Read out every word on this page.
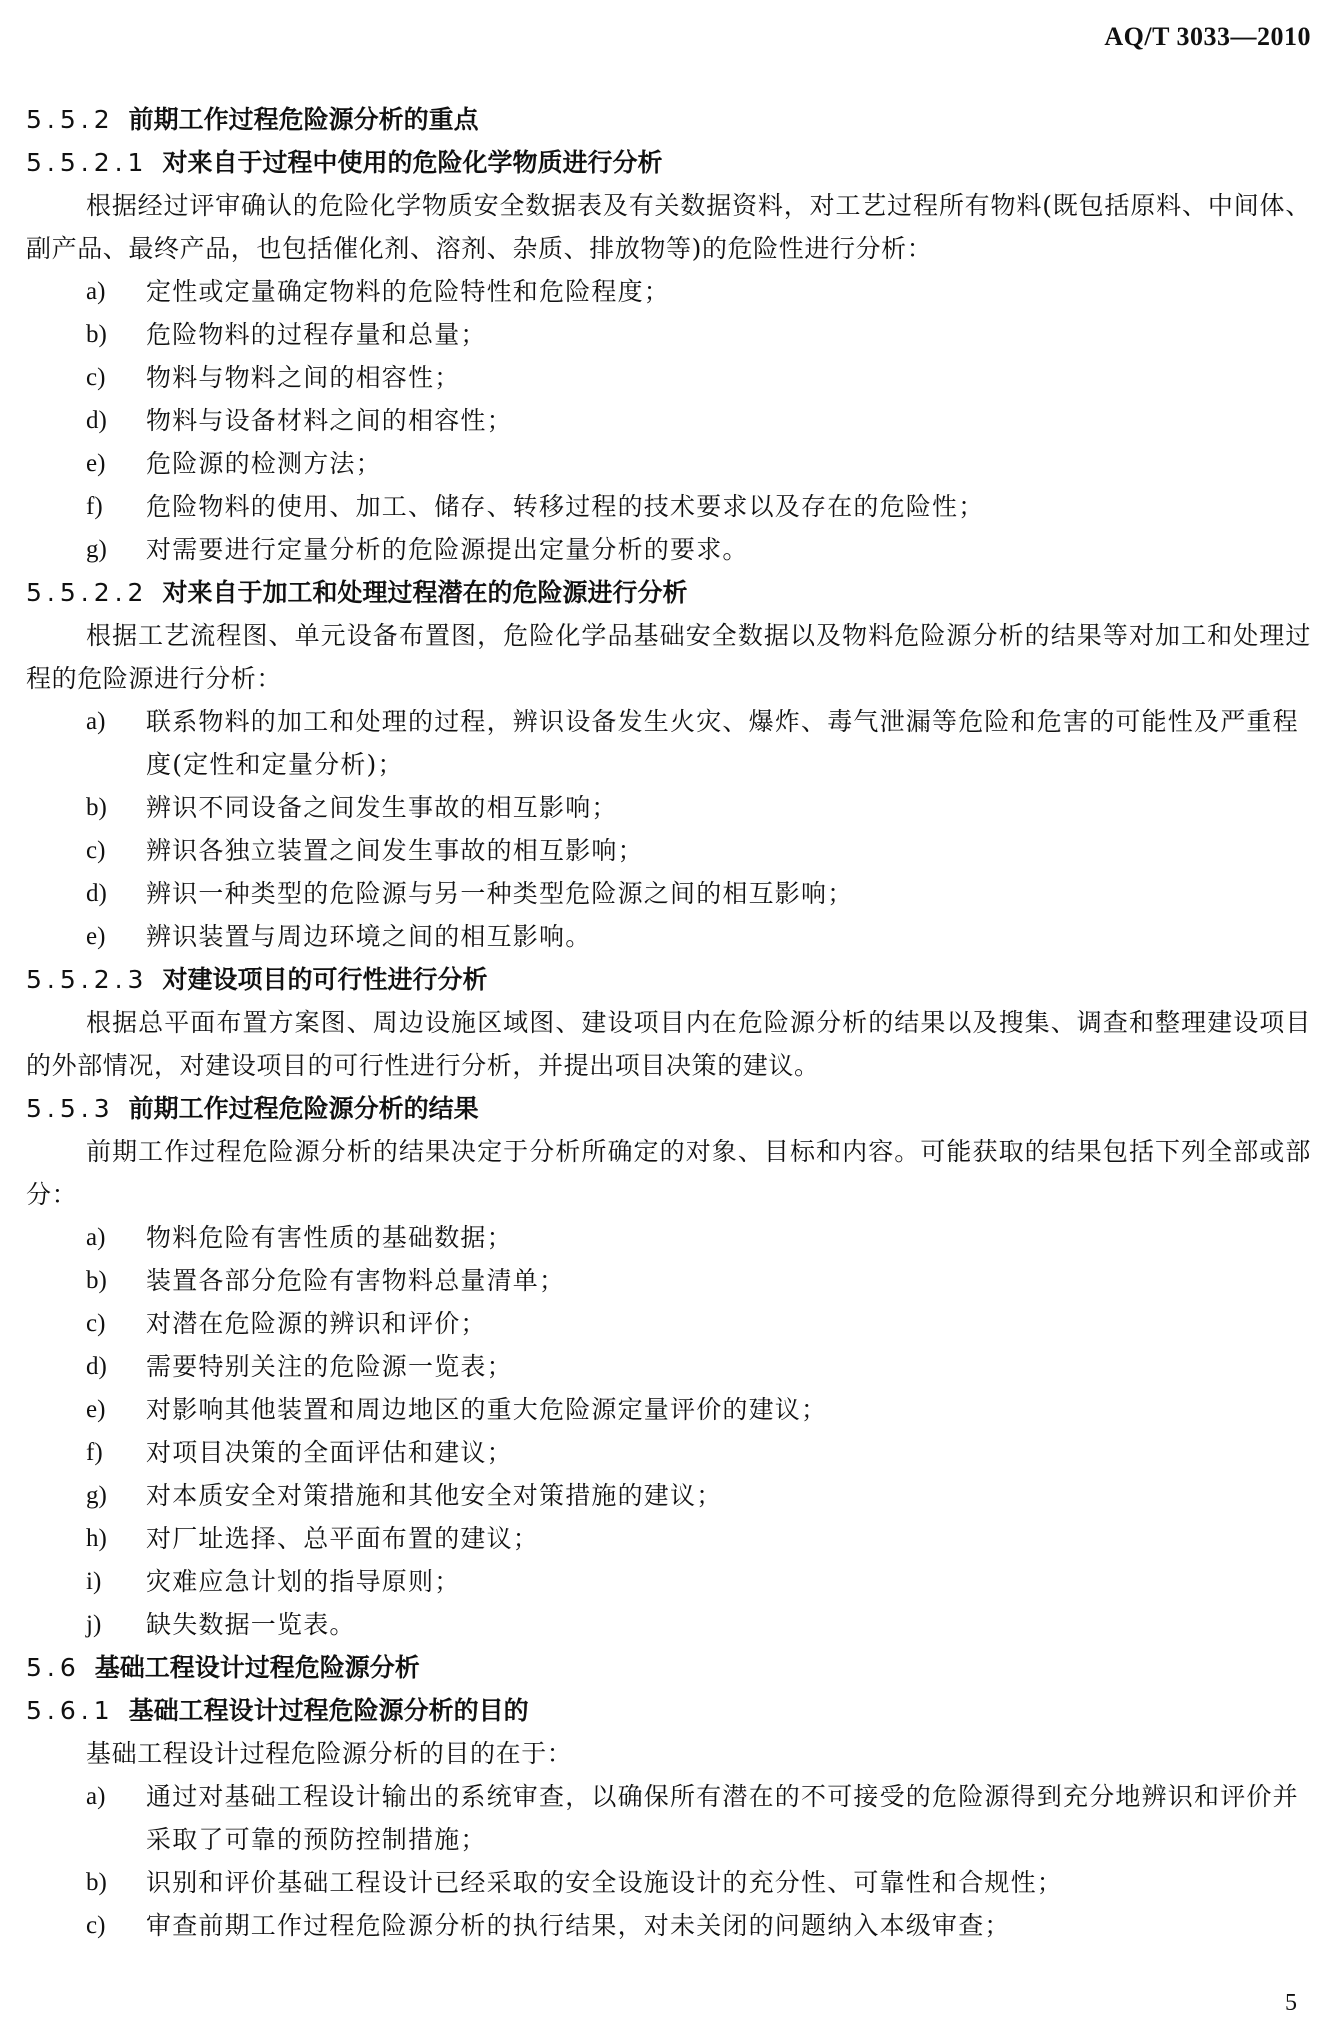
AQ/T 3033—2010
5.5.2 前期工作过程危险源分析的重点
5.5.2.1 对来自于过程中使用的危险化学物质进行分析
根据经过评审确认的危险化学物质安全数据表及有关数据资料，对工艺过程所有物料(既包括原料、中间体、副产品、最终产品，也包括催化剂、溶剂、杂质、排放物等)的危险性进行分析：
a) 定性或定量确定物料的危险特性和危险程度；
b) 危险物料的过程存量和总量；
c) 物料与物料之间的相容性；
d) 物料与设备材料之间的相容性；
e) 危险源的检测方法；
f) 危险物料的使用、加工、储存、转移过程的技术要求以及存在的危险性；
g) 对需要进行定量分析的危险源提出定量分析的要求。
5.5.2.2 对来自于加工和处理过程潜在的危险源进行分析
根据工艺流程图、单元设备布置图，危险化学品基础安全数据以及物料危险源分析的结果等对加工和处理过程的危险源进行分析：
a) 联系物料的加工和处理的过程，辨识设备发生火灾、爆炸、毒气泄漏等危险和危害的可能性及严重程度(定性和定量分析)；
b) 辨识不同设备之间发生事故的相互影响；
c) 辨识各独立装置之间发生事故的相互影响；
d) 辨识一种类型的危险源与另一种类型危险源之间的相互影响；
e) 辨识装置与周边环境之间的相互影响。
5.5.2.3 对建设项目的可行性进行分析
根据总平面布置方案图、周边设施区域图、建设项目内在危险源分析的结果以及搜集、调查和整理建设项目的外部情况，对建设项目的可行性进行分析，并提出项目决策的建议。
5.5.3 前期工作过程危险源分析的结果
前期工作过程危险源分析的结果决定于分析所确定的对象、目标和内容。可能获取的结果包括下列全部或部分：
a) 物料危险有害性质的基础数据；
b) 装置各部分危险有害物料总量清单；
c) 对潜在危险源的辨识和评价；
d) 需要特别关注的危险源一览表；
e) 对影响其他装置和周边地区的重大危险源定量评价的建议；
f) 对项目决策的全面评估和建议；
g) 对本质安全对策措施和其他安全对策措施的建议；
h) 对厂址选择、总平面布置的建议；
i) 灾难应急计划的指导原则；
j) 缺失数据一览表。
5.6 基础工程设计过程危险源分析
5.6.1 基础工程设计过程危险源分析的目的
基础工程设计过程危险源分析的目的在于：
a) 通过对基础工程设计输出的系统审查，以确保所有潜在的不可接受的危险源得到充分地辨识和评价并采取了可靠的预防控制措施；
b) 识别和评价基础工程设计已经采取的安全设施设计的充分性、可靠性和合规性；
c) 审查前期工作过程危险源分析的执行结果，对未关闭的问题纳入本级审查；
5
